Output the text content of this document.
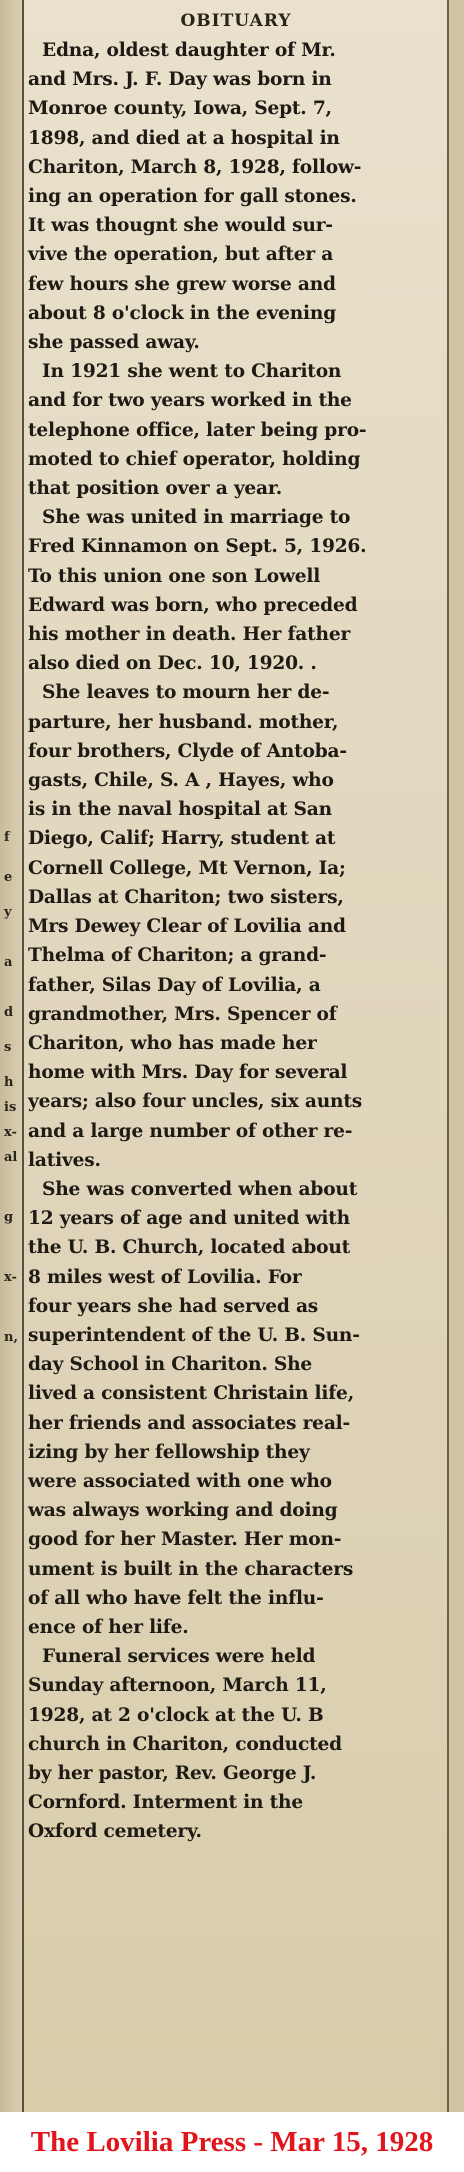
f
e
y
a
d
s
h
is
x-
al
g
x-
n,
OBITUARY

Edna, oldest daughter of Mr.

and Mrs. J. F. Day was born in

Monroe county, Iowa, Sept. 7,

1898, and died at a hospital in

Chariton, March 8, 1928, follow-

ing an operation for gall stones.

It was thougnt she would sur-

vive the operation, but after a

few hours she grew worse and

about 8 o'clock in the evening

she passed away.

In 1921 she went to Chariton

and for two years worked in the

telephone office, later being pro-

moted to chief operator, holding

that position over a year.

She was united in marriage to

Fred Kinnamon on Sept. 5, 1926.

To this union one son Lowell

Edward was born, who preceded

his mother in death. Her father

also died on Dec. 10, 1920. .

She leaves to mourn her de-

parture, her husband. mother,

four brothers, Clyde of Antoba-

gasts, Chile, S. A , Hayes, who

is in the naval hospital at San

Diego, Calif; Harry, student at

Cornell College, Mt Vernon, Ia;

Dallas at Chariton; two sisters,

Mrs Dewey Clear of Lovilia and

Thelma of Chariton; a grand-

father, Silas Day of Lovilia, a

grandmother, Mrs. Spencer of

Chariton, who has made her

home with Mrs. Day for several

years; also four uncles, six aunts

and a large number of other re-

latives.

She was converted when about

12 years of age and united with

the U. B. Church, located about

8 miles west of Lovilia. For

four years she had served as

superintendent of the U. B. Sun-

day School in Chariton. She

lived a consistent Christain life,

her friends and associates real-

izing by her fellowship they

were associated with one who

was always working and doing

good for her Master. Her mon-

ument is built in the characters

of all who have felt the influ-

ence of her life.

Funeral services were held

Sunday afternoon, March 11,

1928, at 2 o'clock at the U. B

church in Chariton, conducted

by her pastor, Rev. George J.

Cornford. Interment in the

Oxford cemetery.

The Lovilia Press - Mar 15, 1928
